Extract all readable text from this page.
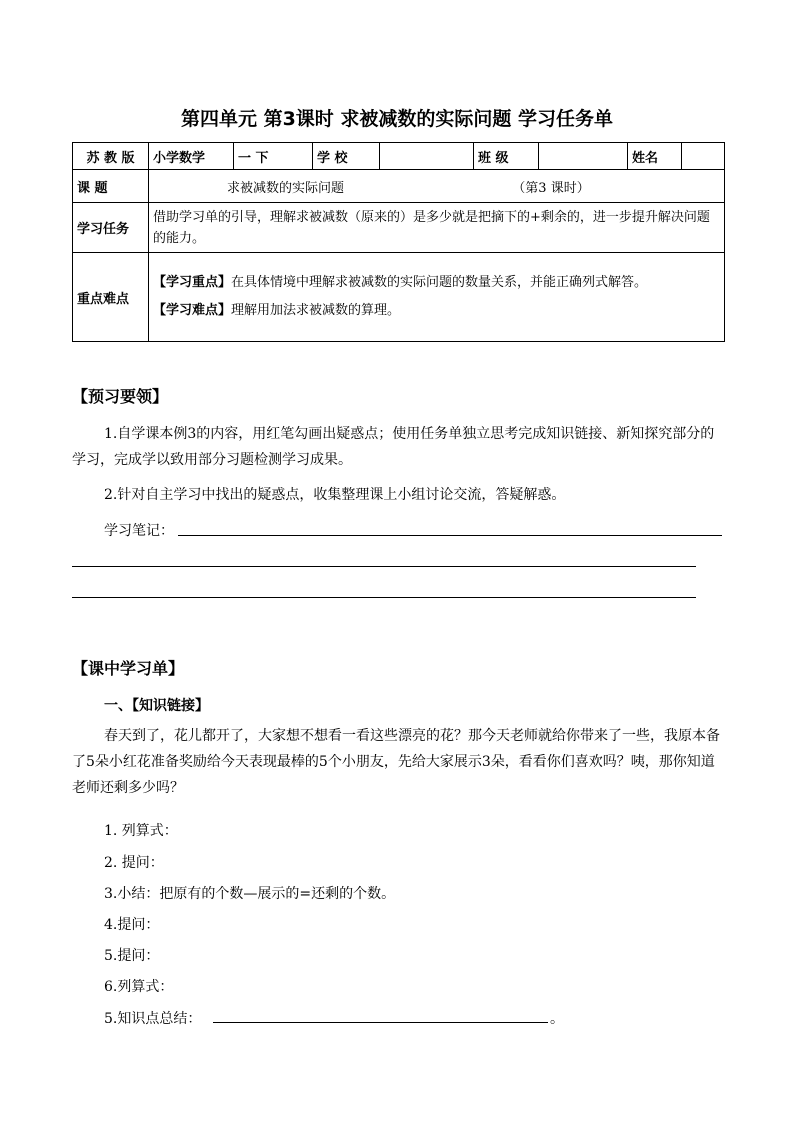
第四单元 第3课时 求被减数的实际问题 学习任务单
苏 教 版	小学数学	一 下	学 校		班 级		姓名	
课 题	求被减数的实际问题 （第3 课时）							
学习任务	借助学习单的引导，理解求被减数（原来的）是多少就是把摘下的+剩余的，进一步提升解决问题的能力。							
重点难点	【学习重点】在具体情境中理解求被减数的实际问题的数量关系，并能正确列式解答。
【学习难点】理解用加法求被减数的算理。							
【预习要领】
1.自学课本例3的内容，用红笔勾画出疑惑点；使用任务单独立思考完成知识链接、新知探究部分的学习，完成学以致用部分习题检测学习成果。
2.针对自主学习中找出的疑惑点，收集整理课上小组讨论交流，答疑解惑。
学习笔记：
【课中学习单】
一、【知识链接】
春天到了，花儿都开了，大家想不想看一看这些漂亮的花？那今天老师就给你带来了一些，我原本备了5朵小红花准备奖励给今天表现最棒的5个小朋友，先给大家展示3朵，看看你们喜欢吗？咦，那你知道老师还剩多少吗？
1. 列算式：
2. 提问：
3.小结：把原有的个数—展示的=还剩的个数。
4.提问：
5.提问：
6.列算式：
5.知识点总结：	。
